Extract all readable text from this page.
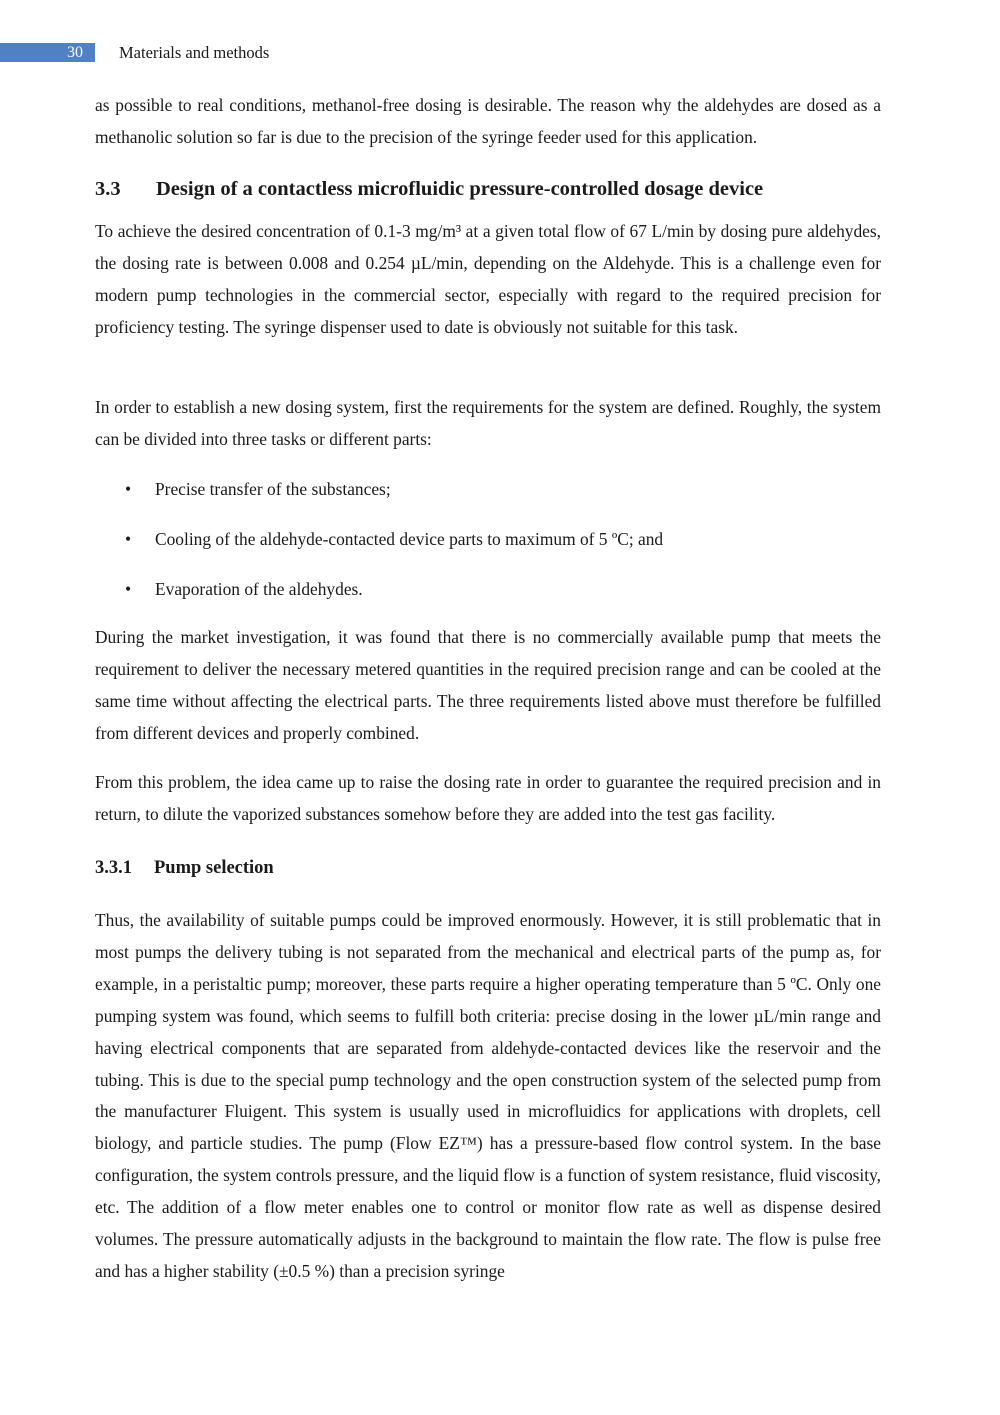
30 Materials and methods

as possible to real conditions, methanol-free dosing is desirable. The reason why the aldehydes are dosed as a methanolic solution so far is due to the precision of the syringe feeder used for this application.

3.3 Design of a contactless microfluidic pressure-controlled dosage device

To achieve the desired concentration of 0.1-3 mg/m³ at a given total flow of 67 L/min by dosing pure aldehydes, the dosing rate is between 0.008 and 0.254 µL/min, depending on the Aldehyde. This is a challenge even for modern pump technologies in the commercial sector, especially with regard to the required precision for proficiency testing. The syringe dispenser used to date is obviously not suitable for this task.

In order to establish a new dosing system, first the requirements for the system are defined. Roughly, the system can be divided into three tasks or different parts:

• Precise transfer of the substances;
• Cooling of the aldehyde-contacted device parts to maximum of 5 ºC; and
• Evaporation of the aldehydes.

During the market investigation, it was found that there is no commercially available pump that meets the requirement to deliver the necessary metered quantities in the required precision range and can be cooled at the same time without affecting the electrical parts. The three requirements listed above must therefore be fulfilled from different devices and properly combined.

From this problem, the idea came up to raise the dosing rate in order to guarantee the required precision and in return, to dilute the vaporized substances somehow before they are added into the test gas facility.

3.3.1 Pump selection

Thus, the availability of suitable pumps could be improved enormously. However, it is still problematic that in most pumps the delivery tubing is not separated from the mechanical and electrical parts of the pump as, for example, in a peristaltic pump; moreover, these parts require a higher operating temperature than 5 ºC. Only one pumping system was found, which seems to fulfill both criteria: precise dosing in the lower µL/min range and having electrical components that are separated from aldehyde-contacted devices like the reservoir and the tubing. This is due to the special pump technology and the open construction system of the selected pump from the manufacturer Fluigent. This system is usually used in microfluidics for applications with droplets, cell biology, and particle studies. The pump (Flow EZ™) has a pressure-based flow control system. In the base configuration, the system controls pressure, and the liquid flow is a function of system resistance, fluid viscosity, etc. The addition of a flow meter enables one to control or monitor flow rate as well as dispense desired volumes. The pressure automatically adjusts in the background to maintain the flow rate. The flow is pulse free and has a higher stability (±0.5 %) than a precision syringe
